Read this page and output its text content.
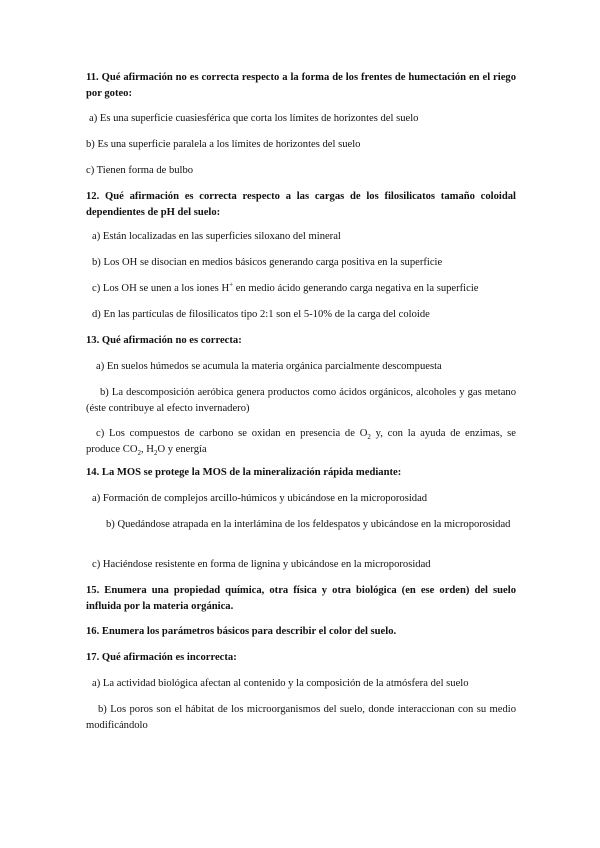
11. Qué afirmación no es correcta respecto a la forma de los frentes de humectación en el riego por goteo:
a) Es una superficie cuasiesférica que corta los límites de horizontes del suelo
b) Es una superficie paralela a los límites de horizontes del suelo
c) Tienen forma de bulbo
12. Qué afirmación es correcta respecto a las cargas de los filosilicatos tamaño coloidal dependientes de pH del suelo:
a) Están localizadas en las superficies siloxano del mineral
b) Los OH se disocian en medios básicos generando carga positiva en la superficie
c) Los OH se unen a los iones H+ en medio ácido generando carga negativa en la superficie
d) En las partículas de filosilicatos tipo 2:1 son el 5-10% de la carga del coloide
13. Qué afirmación no es correcta:
a) En suelos húmedos se acumula la materia orgánica parcialmente descompuesta
b) La descomposición aeróbica genera productos como ácidos orgánicos, alcoholes y gas metano (éste contribuye al efecto invernadero)
c) Los compuestos de carbono se oxidan en presencia de $O_2$ y, con la ayuda de enzimas, se produce $CO_2$, $H_2O$ y energía
14. La MOS se protege la MOS de la mineralización rápida mediante:
a) Formación de complejos arcillo-húmicos y ubicándose en la microporosidad
b) Quedándose atrapada en la interlámina de los feldespatos y ubicándose en la microporosidad
c) Haciéndose resistente en forma de lignina y ubicándose en la microporosidad
15. Enumera una propiedad química, otra física y otra biológica (en ese orden) del suelo influida por la materia orgánica.
16. Enumera los parámetros básicos para describir el color del suelo.
17. Qué afirmación es incorrecta:
a) La actividad biológica afectan al contenido y la composición de la atmósfera del suelo
b) Los poros son el hábitat de los microorganismos del suelo, donde interaccionan con su medio modificándolo
